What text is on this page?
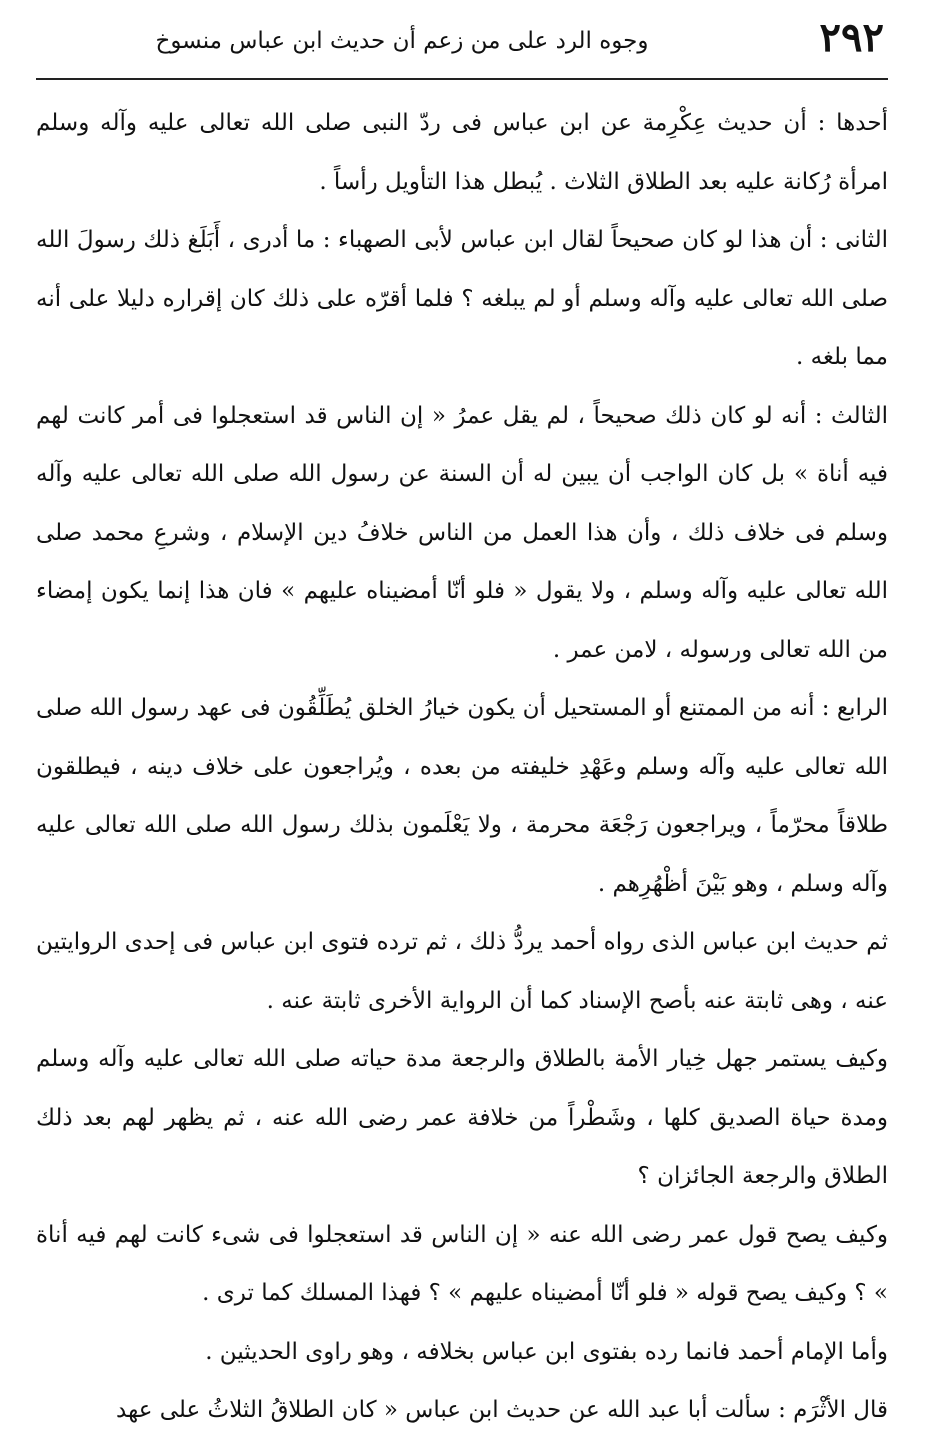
٢٩٢
وجوه الرد على من زعم أن حديث ابن عباس منسوخ

أحدها : أن حديث عِكْرِمة عن ابن عباس فى ردّ النبى صلى الله تعالى عليه وآله وسلم امرأة رُكانة عليه بعد الطلاق الثلاث . يُبطل هذا التأويل رأساً .

الثانى : أن هذا لو كان صحيحاً لقال ابن عباس لأبى الصهباء : ما أدرى ، أَبَلَغ ذلك رسولَ الله صلى الله تعالى عليه وآله وسلم أو لم يبلغه ؟ فلما أقرّه على ذلك كان إقراره دليلا على أنه مما بلغه .

الثالث : أنه لو كان ذلك صحيحاً ، لم يقل عمرُ « إن الناس قد استعجلوا فى أمر كانت لهم فيه أناة » بل كان الواجب أن يبين له أن السنة عن رسول الله صلى الله تعالى عليه وآله وسلم فى خلاف ذلك ، وأن هذا العمل من الناس خلافُ دين الإسلام ، وشرعِ محمد صلى الله تعالى عليه وآله وسلم ، ولا يقول « فلو أنّا أمضيناه عليهم » فان هذا إنما يكون إمضاء من الله تعالى ورسوله ، لامن عمر .

الرابع : أنه من الممتنع أو المستحيل أن يكون خيارُ الخلق يُطَلِّقُون فى عهد رسول الله صلى الله تعالى عليه وآله وسلم وعَهْدِ خليفته من بعده ، ويُراجعون على خلاف دينه ، فيطلقون طلاقاً محرّماً ، ويراجعون رَجْعَة محرمة ، ولا يَعْلَمون بذلك رسول الله صلى الله تعالى عليه وآله وسلم ، وهو بَيْنَ أظْهُرِهم .

ثم حديث ابن عباس الذى رواه أحمد يردُّ ذلك ، ثم ترده فتوى ابن عباس فى إحدى الروايتين عنه ، وهى ثابتة عنه بأصح الإسناد كما أن الرواية الأخرى ثابتة عنه .

وكيف يستمر جهل خِيار الأمة بالطلاق والرجعة مدة حياته صلى الله تعالى عليه وآله وسلم ومدة حياة الصديق كلها ، وشَطْراً من خلافة عمر رضى الله عنه ، ثم يظهر لهم بعد ذلك الطلاق والرجعة الجائزان ؟

وكيف يصح قول عمر رضى الله عنه « إن الناس قد استعجلوا فى شىء كانت لهم فيه أناة » ؟ وكيف يصح قوله « فلو أنّا أمضيناه عليهم » ؟ فهذا المسلك كما ترى .

وأما الإمام أحمد فانما رده بفتوى ابن عباس بخلافه ، وهو راوى الحديثين .

قال الأثْرَم : سألت أبا عبد الله عن حديث ابن عباس « كان الطلاقُ الثلاثُ على عهد
